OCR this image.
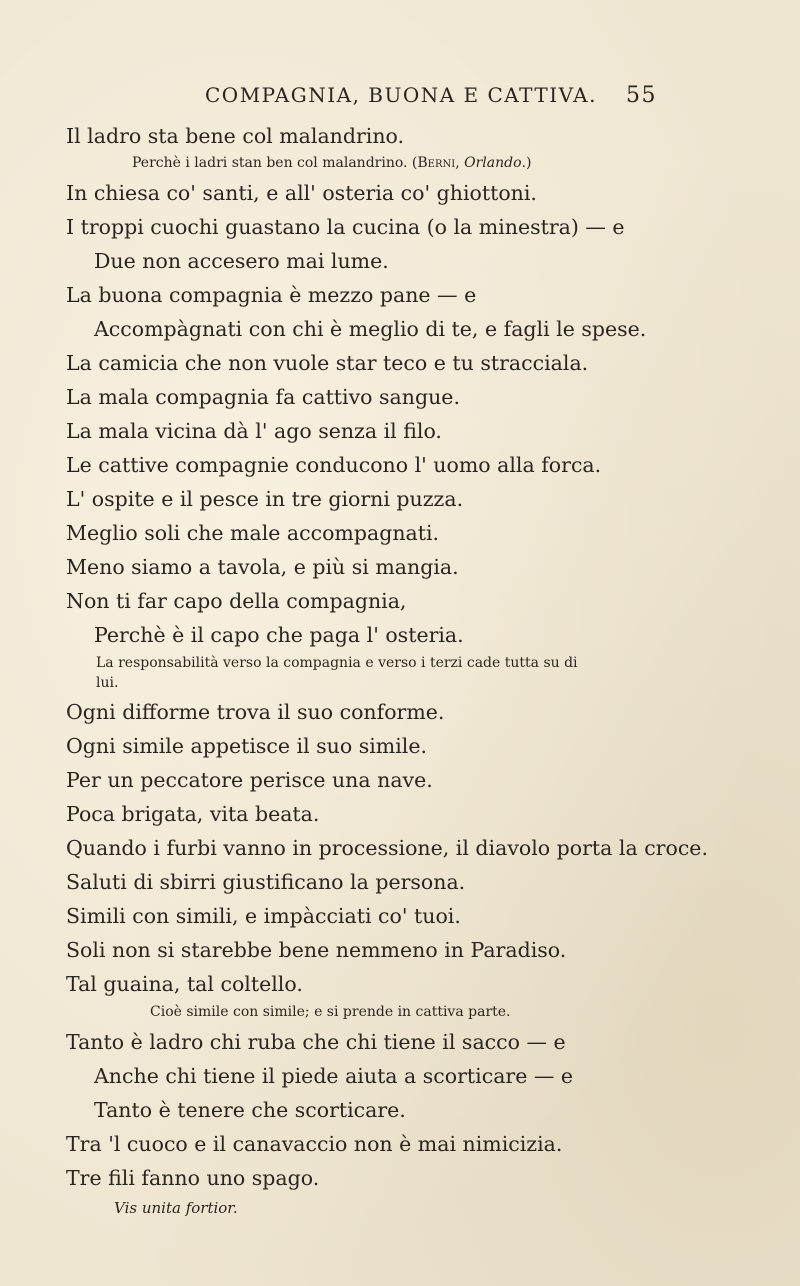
COMPAGNIA, BUONA E CATTIVA. 55
Il ladro sta bene col malandrino.
Perchè i ladri stan ben col malandrino. (Berni, Orlando.)
In chiesa co' santi, e all' osteria co' ghiottoni.
I troppi cuochi guastano la cucina (o la minestra) — e
Due non accesero mai lume.
La buona compagnia è mezzo pane — e
Accompàgnati con chi è meglio di te, e fagli le spese.
La camicia che non vuole star teco e tu stracciala.
La mala compagnia fa cattivo sangue.
La mala vicina dà l' ago senza il filo.
Le cattive compagnie conducono l' uomo alla forca.
L' ospite e il pesce in tre giorni puzza.
Meglio soli che male accompagnati.
Meno siamo a tavola, e più si mangia.
Non ti far capo della compagnia,
Perchè è il capo che paga l' osteria.
La responsabilità verso la compagnia e verso i terzi cade tutta su di
lui.
Ogni difforme trova il suo conforme.
Ogni simile appetisce il suo simile.
Per un peccatore perisce una nave.
Poca brigata, vita beata.
Quando i furbi vanno in processione, il diavolo porta la croce.
Saluti di sbirri giustificano la persona.
Simili con simili, e impàcciati co' tuoi.
Soli non si starebbe bene nemmeno in Paradiso.
Tal guaina, tal coltello.
Cioè simile con simile; e si prende in cattiva parte.
Tanto è ladro chi ruba che chi tiene il sacco — e
Anche chi tiene il piede aiuta a scorticare — e
Tanto è tenere che scorticare.
Tra 'l cuoco e il canavaccio non è mai nimicizia.
Tre fili fanno uno spago.
Vis unita fortior.
